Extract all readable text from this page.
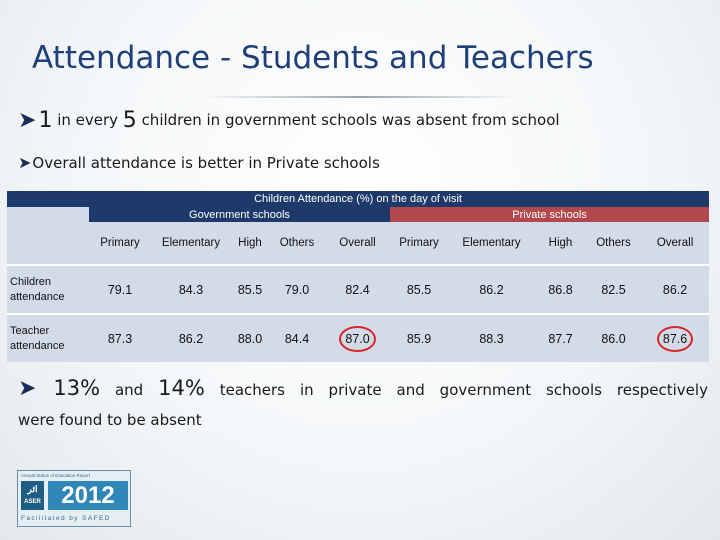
Attendance - Students and Teachers
➤1 in every 5 children in government schools was absent from school
➤Overall attendance is better in Private schools
Children Attendance (%) on the day of visit										
	Government schools					Private schools				
	Primary	Elementary	High	Others	Overall	Primary	Elementary	High	Others	Overall
Children attendance	79.1	84.3	85.5	79.0	82.4	85.5	86.2	86.8	82.5	86.2
Teacher attendance	87.3	86.2	88.0	84.4	87.0	85.9	88.3	87.7	86.0	87.6
➤ 13% and 14% teachers in private and government schools respectively
were found to be absent
Annual Status of Education Report
اثر
ASER 2012
Facilitated by SAFED
